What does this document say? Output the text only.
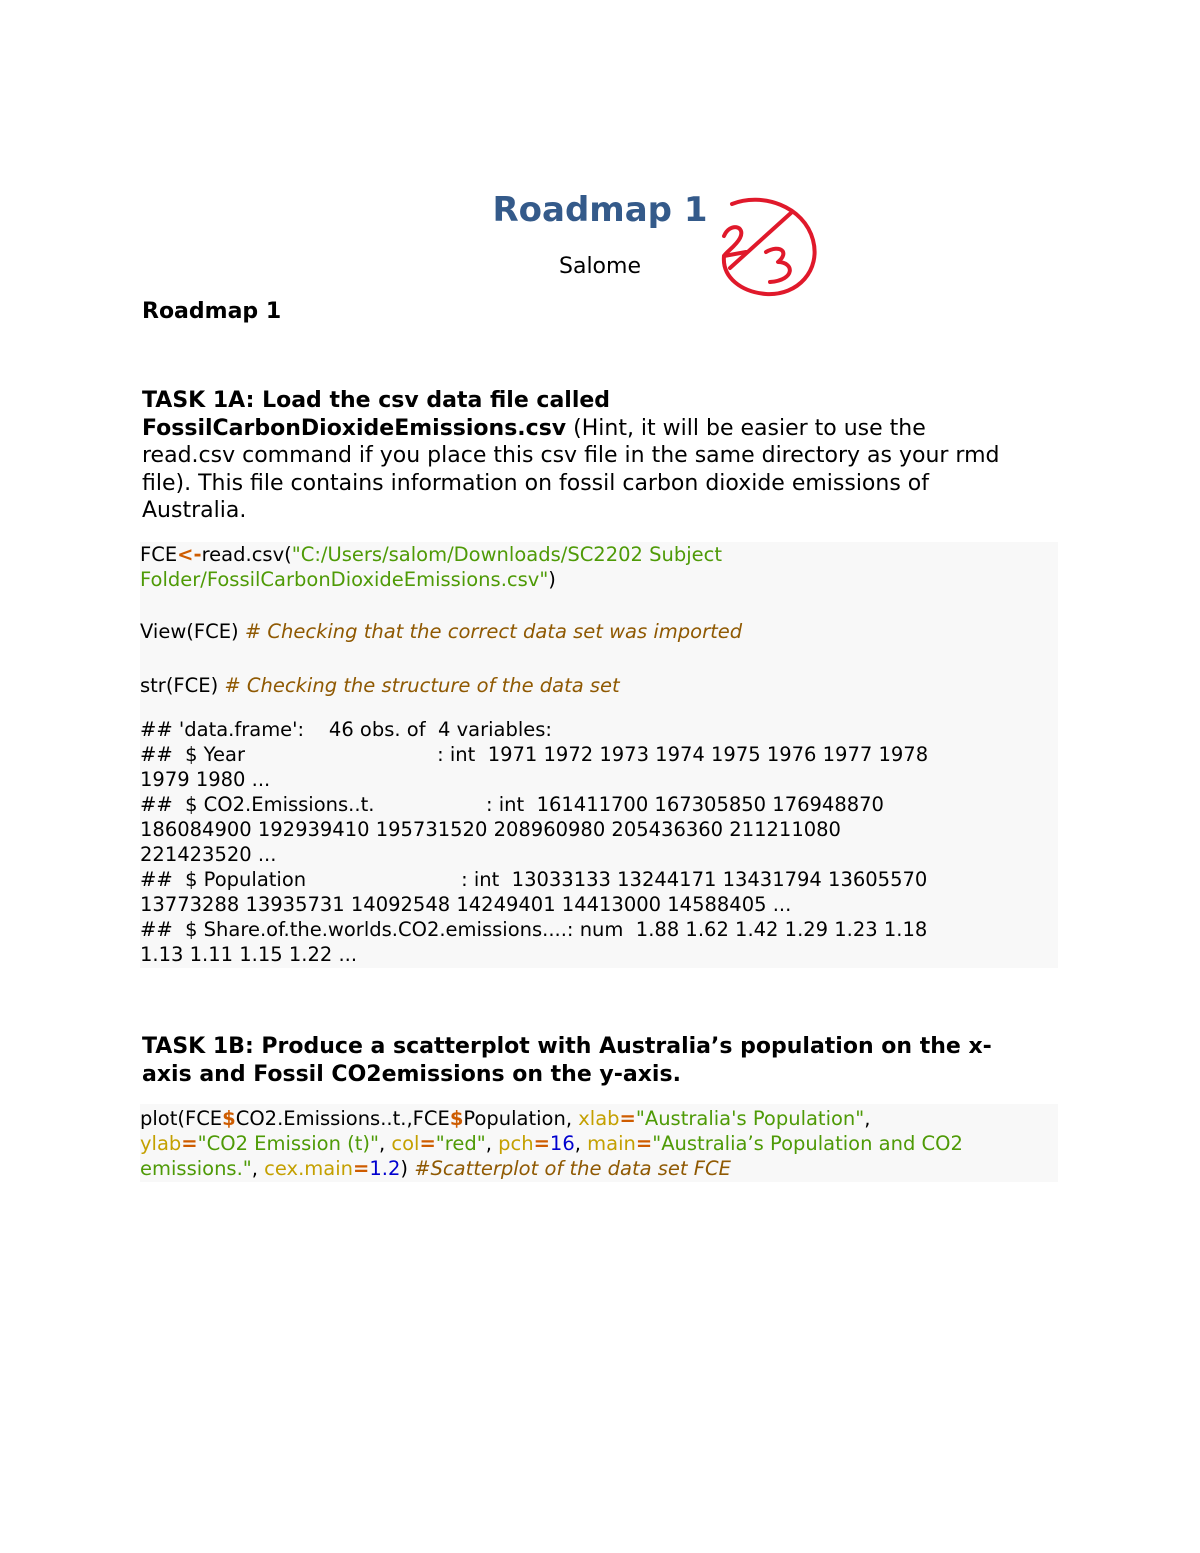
Roadmap 1
Salome
Roadmap 1
TASK 1A: Load the csv data file called
FossilCarbonDioxideEmissions.csv (Hint, it will be easier to use the
read.csv command if you place this csv file in the same directory as your rmd
file). This file contains information on fossil carbon dioxide emissions of
Australia.
FCE<-read.csv("C:/Users/salom/Downloads/SC2202 Subject
Folder/FossilCarbonDioxideEmissions.csv")
View(FCE) # Checking that the correct data set was imported
str(FCE) # Checking the structure of the data set
## 'data.frame':    46 obs. of  4 variables:
##  $ Year                               : int  1971 1972 1973 1974 1975 1976 1977 1978
1979 1980 ...
##  $ CO2.Emissions..t.                  : int  161411700 167305850 176948870
186084900 192939410 195731520 208960980 205436360 211211080
221423520 ...
##  $ Population                         : int  13033133 13244171 13431794 13605570
13773288 13935731 14092548 14249401 14413000 14588405 ...
##  $ Share.of.the.worlds.CO2.emissions....: num  1.88 1.62 1.42 1.29 1.23 1.18
1.13 1.11 1.15 1.22 ...
TASK 1B: Produce a scatterplot with Australia’s population on the x-
axis and Fossil CO2emissions on the y-axis.
plot(FCE$CO2.Emissions..t.,FCE$Population, xlab="Australia's Population",
ylab="CO2 Emission (t)", col="red", pch=16, main="Australia’s Population and CO2
emissions.", cex.main=1.2) #Scatterplot of the data set FCE
